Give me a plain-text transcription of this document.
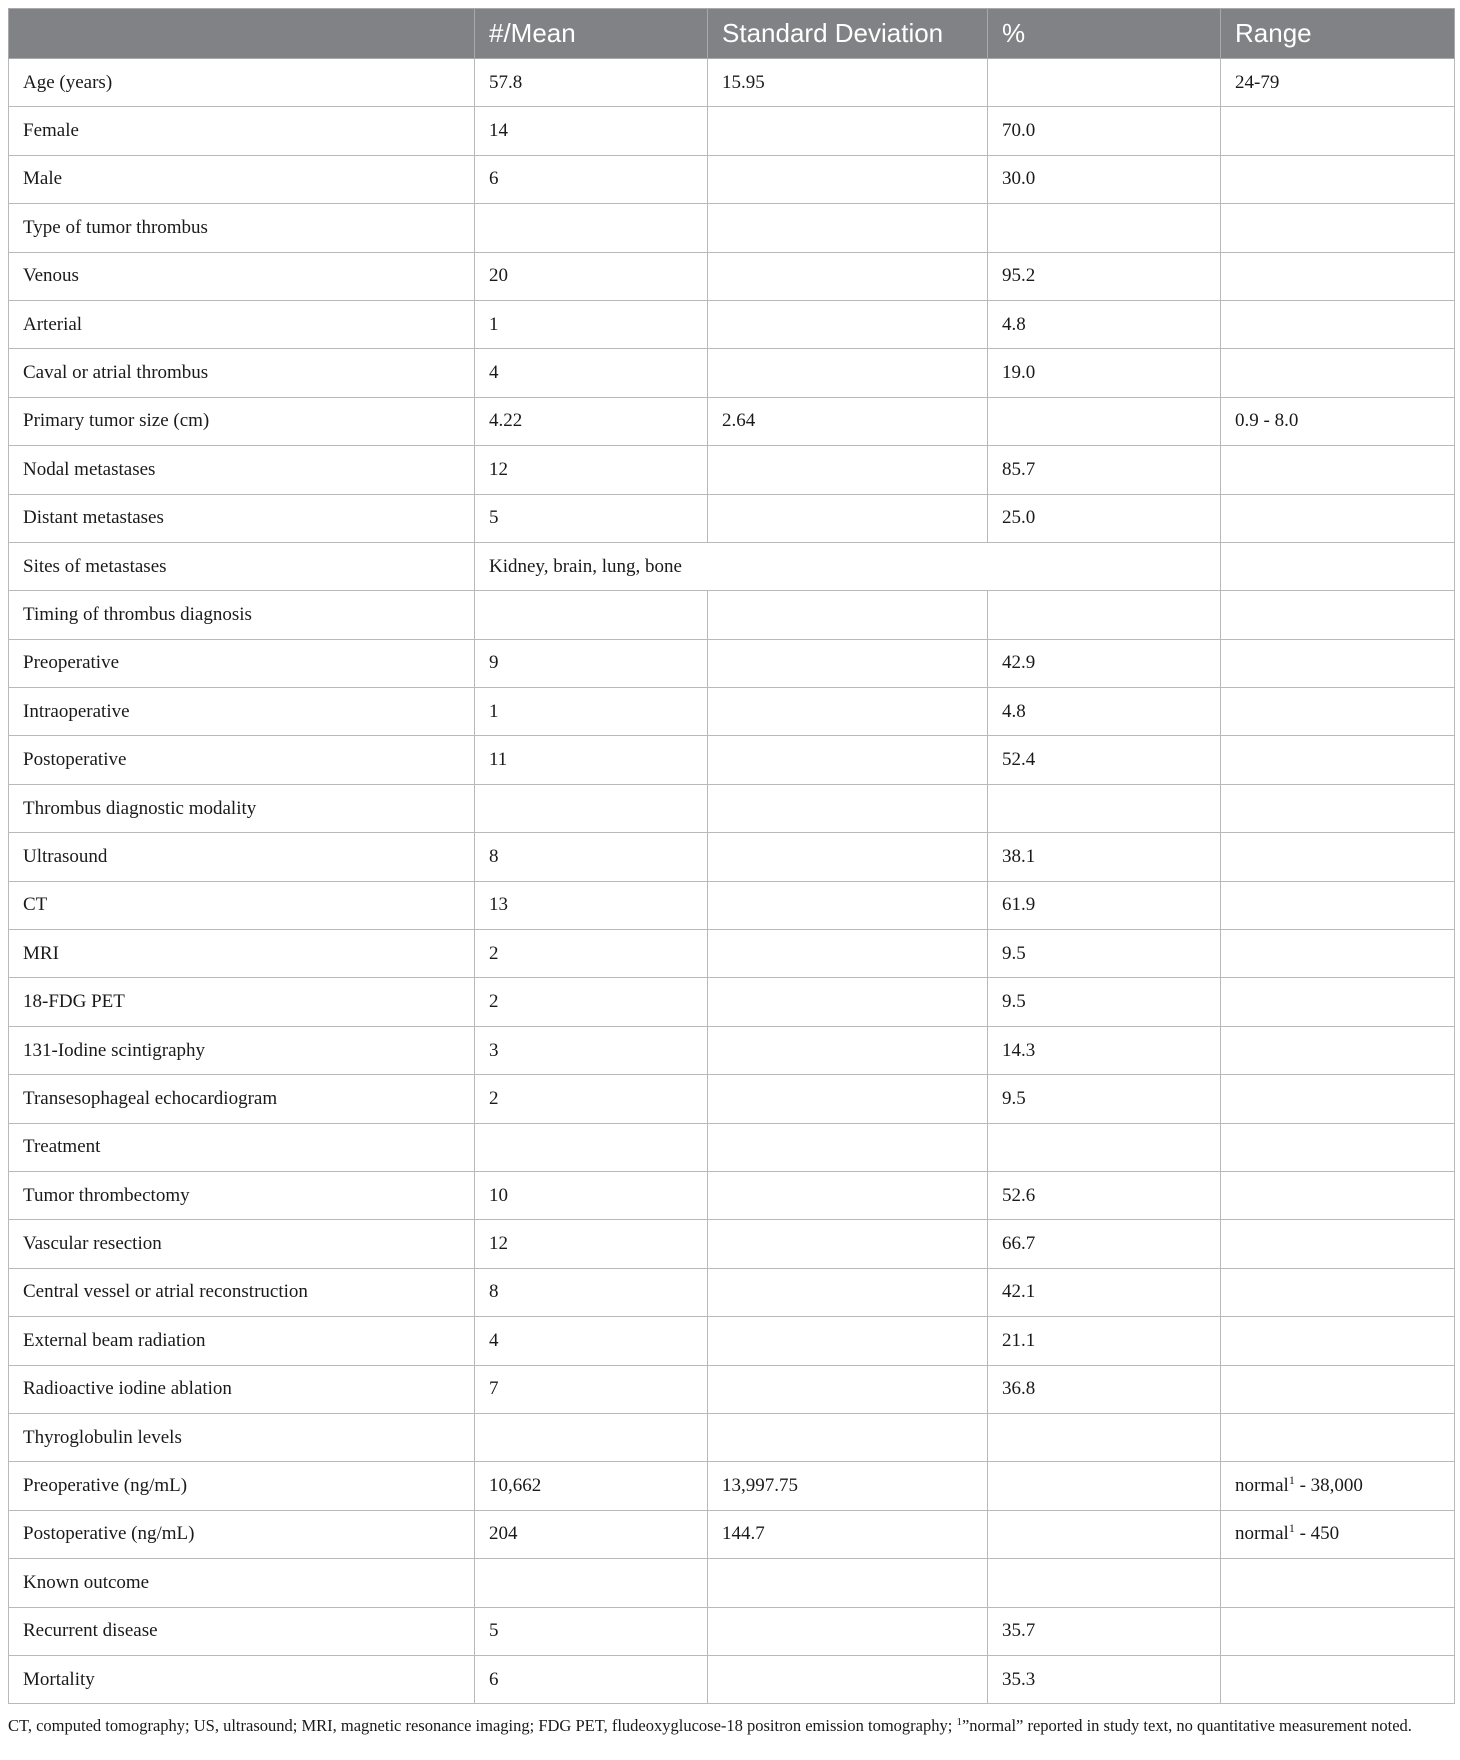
	#/Mean	Standard Deviation	%	Range
Age (years)	57.8	15.95		24-79
Female	14		70.0	
Male	6		30.0	
Type of tumor thrombus				
Venous	20		95.2	
Arterial	1		4.8	
Caval or atrial thrombus	4		19.0	
Primary tumor size (cm)	4.22	2.64		0.9 - 8.0
Nodal metastases	12		85.7	
Distant metastases	5		25.0	
Sites of metastases	Kidney, brain, lung, bone			
Timing of thrombus diagnosis				
Preoperative	9		42.9	
Intraoperative	1		4.8	
Postoperative	11		52.4	
Thrombus diagnostic modality				
Ultrasound	8		38.1	
CT	13		61.9	
MRI	2		9.5	
18-FDG PET	2		9.5	
131-Iodine scintigraphy	3		14.3	
Transesophageal echocardiogram	2		9.5	
Treatment				
Tumor thrombectomy	10		52.6	
Vascular resection	12		66.7	
Central vessel or atrial reconstruction	8		42.1	
External beam radiation	4		21.1	
Radioactive iodine ablation	7		36.8	
Thyroglobulin levels				
Preoperative (ng/mL)	10,662	13,997.75		normal$^1$ - 38,000
Postoperative (ng/mL)	204	144.7		normal$^1$ - 450
Known outcome				
Recurrent disease	5		35.7	
Mortality	6		35.3	
CT, computed tomography; US, ultrasound; MRI, magnetic resonance imaging; FDG PET, fludeoxyglucose-18 positron emission tomography; $^1$”normal” reported in study text, no quantitative measurement noted.
